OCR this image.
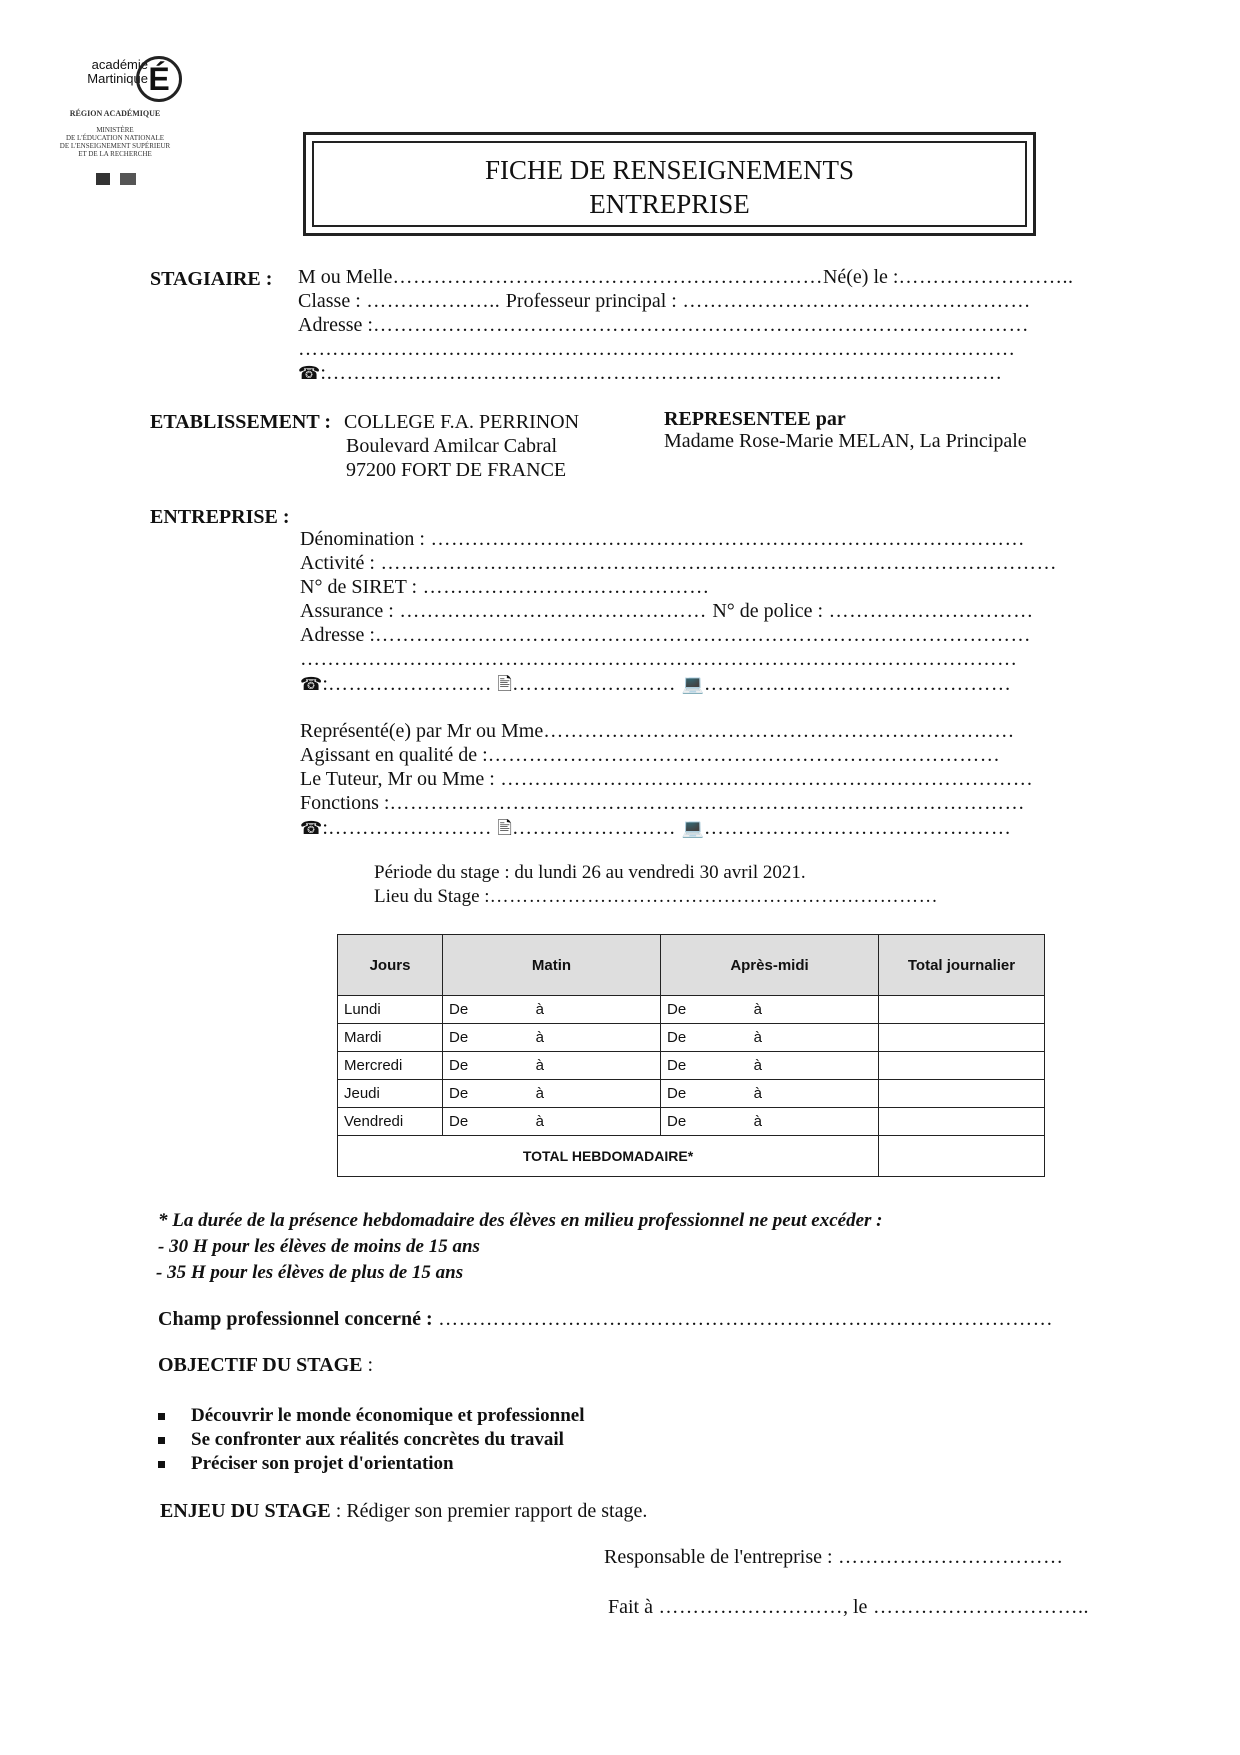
académie
Martinique É
RÉGION ACADÉMIQUE
MINISTÈRE
DE L'ÉDUCATION NATIONALE
DE L'ENSEIGNEMENT SUPÉRIEUR
ET DE LA RECHERCHE
FICHE DE RENSEIGNEMENTS
ENTREPRISE
STAGIAIRE : M ou Melle………………………………………………………Né(e) le :……………………..
Classe : ……………….. Professeur principal : ……………………………………………
Adresse :……………………………………………………………………………………
……………………………………………………………………………………………
☎:………………………………………………………………………………………
ETABLISSEMENT : COLLEGE F.A. PERRINON
Boulevard Amilcar Cabral
97200 FORT DE FRANCE
REPRESENTEE par
Madame Rose-Marie MELAN, La Principale
ENTREPRISE :
Dénomination : ……………………………………………………………………………
Activité : ………………………………………………………………………………………
N° de SIRET : ……………………………………
Assurance : ……………………………………… N° de police : …………………………
Adresse :……………………………………………………………………………………
……………………………………………………………………………………………
☎:…………………… 🖹…………………… 💻………………………………………
Représenté(e) par Mr ou Mme……………………………………………………………
Agissant en qualité de :…………………………………………………………………
Le Tuteur, Mr ou Mme : ……………………………………………………………………
Fonctions :…………………………………………………………………………………
☎:…………………… 🖹…………………… 💻………………………………………
Période du stage : du lundi 26 au vendredi 30 avril 2021.
Lieu du Stage :……………………………………………………………
Jours	Matin	Après-midi	Total journalier
Lundi	De à	De à	

Mardi	De à	De à	

Mercredi	De à	De à	

Jeudi	De à	De à	

Vendredi	De à	De à	

TOTAL HEBDOMADAIRE*			
* La durée de la présence hebdomadaire des élèves en milieu professionnel ne peut excéder :
- 30 H pour les élèves de moins de 15 ans
- 35 H pour les élèves de plus de 15 ans
Champ professionnel concerné : ………………………………………………………………………………
OBJECTIF DU STAGE :
Découvrir le monde économique et professionnel
Se confronter aux réalités concrètes du travail
Préciser son projet d'orientation
ENJEU DU STAGE : Rédiger son premier rapport de stage.
Responsable de l'entreprise : ……………………………
Fait à ………………………, le …………………………..
